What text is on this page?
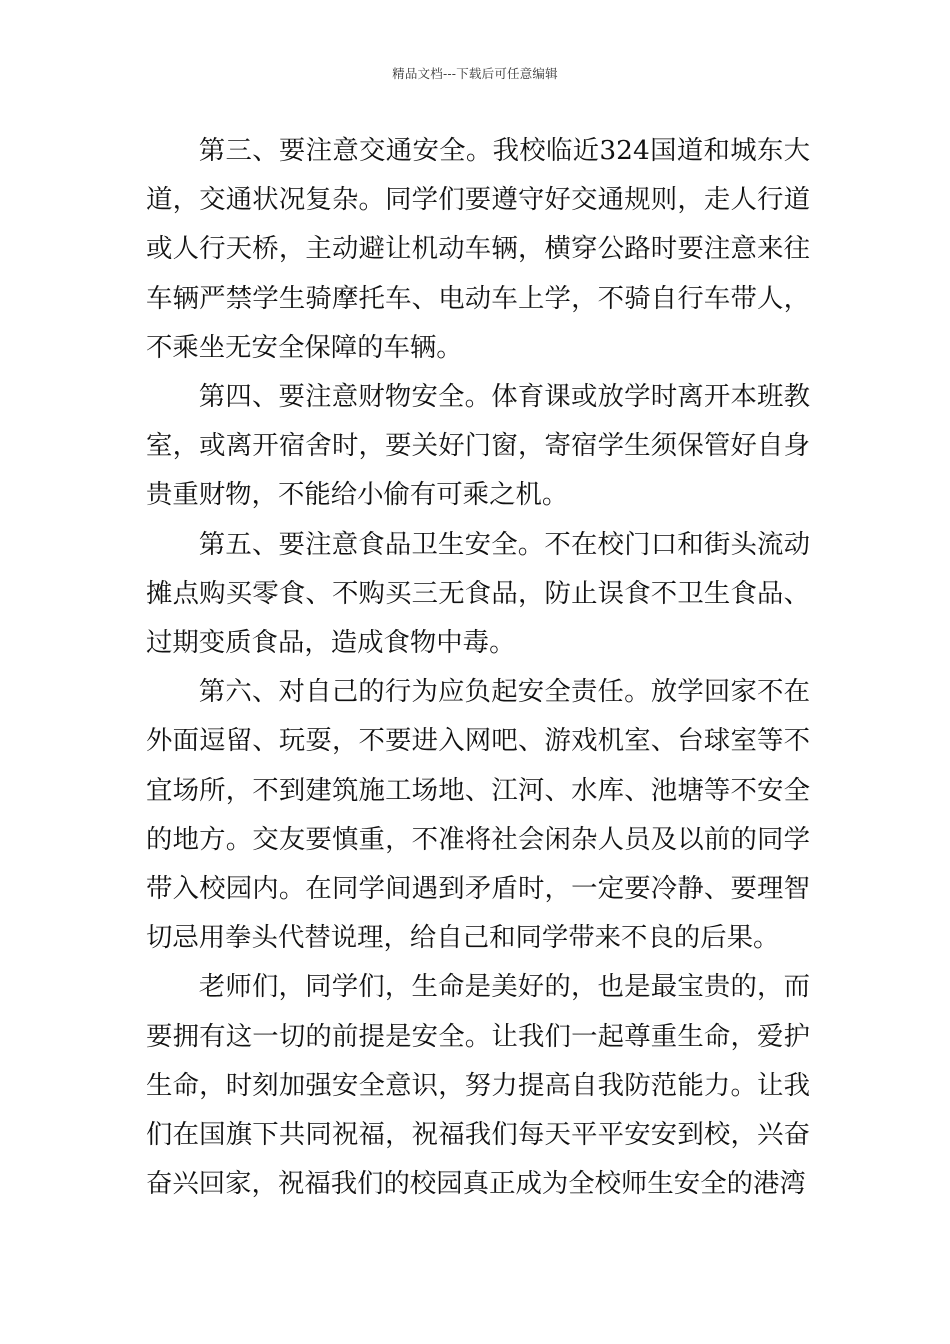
精品文档---下载后可任意编辑

第三、要注意交通安全。我校临近324国道和城东大道，交通状况复杂。同学们要遵守好交通规则，走人行道或人行天桥，主动避让机动车辆，横穿公路时要注意来往车辆严禁学生骑摩托车、电动车上学，不骑自行车带人，不乘坐无安全保障的车辆。

第四、要注意财物安全。体育课或放学时离开本班教室，或离开宿舍时，要关好门窗，寄宿学生须保管好自身贵重财物，不能给小偷有可乘之机。

第五、要注意食品卫生安全。不在校门口和街头流动摊点购买零食、不购买三无食品，防止误食不卫生食品、过期变质食品，造成食物中毒。

第六、对自己的行为应负起安全责任。放学回家不在外面逗留、玩耍，不要进入网吧、游戏机室、台球室等不宜场所，不到建筑施工场地、江河、水库、池塘等不安全的地方。交友要慎重，不准将社会闲杂人员及以前的同学带入校园内。在同学间遇到矛盾时，一定要冷静、要理智切忌用拳头代替说理，给自己和同学带来不良的后果。

老师们，同学们，生命是美好的，也是最宝贵的，而要拥有这一切的前提是安全。让我们一起尊重生命，爱护生命，时刻加强安全意识，努力提高自我防范能力。让我们在国旗下共同祝福，祝福我们每天平平安安到校，兴奋奋兴回家，祝福我们的校园真正成为全校师生安全的港湾
